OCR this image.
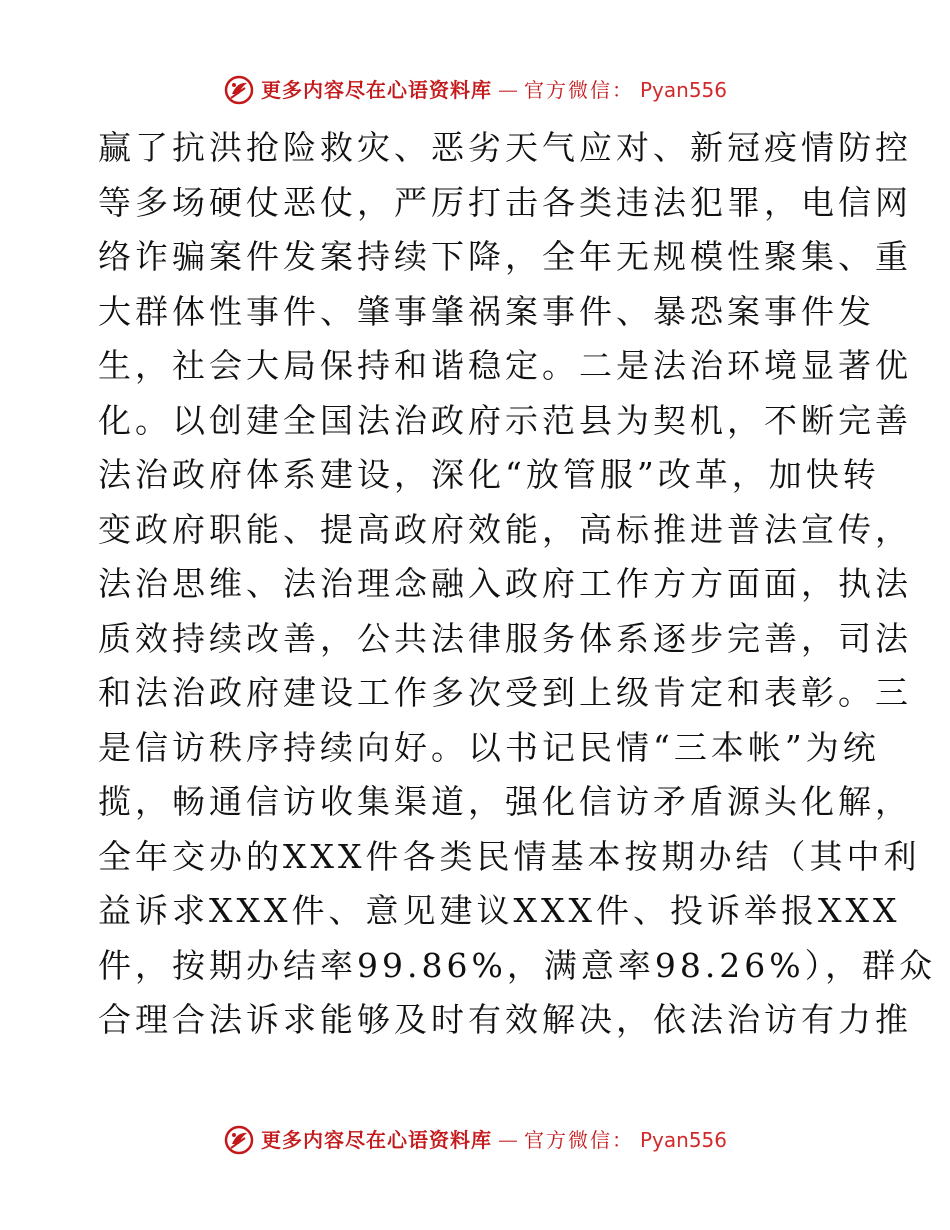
更多内容尽在心语资料库 — 官方微信： Pyan556
赢了抗洪抢险救灾、恶劣天气应对、新冠疫情防控
等多场硬仗恶仗，严厉打击各类违法犯罪，电信网
络诈骗案件发案持续下降，全年无规模性聚集、重
大群体性事件、肇事肇祸案事件、暴恐案事件发
生，社会大局保持和谐稳定。二是法治环境显著优
化。以创建全国法治政府示范县为契机，不断完善
法治政府体系建设，深化“放管服”改革，加快转
变政府职能、提高政府效能，高标推进普法宣传，
法治思维、法治理念融入政府工作方方面面，执法
质效持续改善，公共法律服务体系逐步完善，司法
和法治政府建设工作多次受到上级肯定和表彰。三
是信访秩序持续向好。以书记民情“三本帐”为统
揽，畅通信访收集渠道，强化信访矛盾源头化解，
全年交办的XXX件各类民情基本按期办结（其中利
益诉求XXX件、意见建议XXX件、投诉举报XXX
件，按期办结率99.86%，满意率98.26%），群众
合理合法诉求能够及时有效解决，依法治访有力推
更多内容尽在心语资料库 — 官方微信： Pyan556
